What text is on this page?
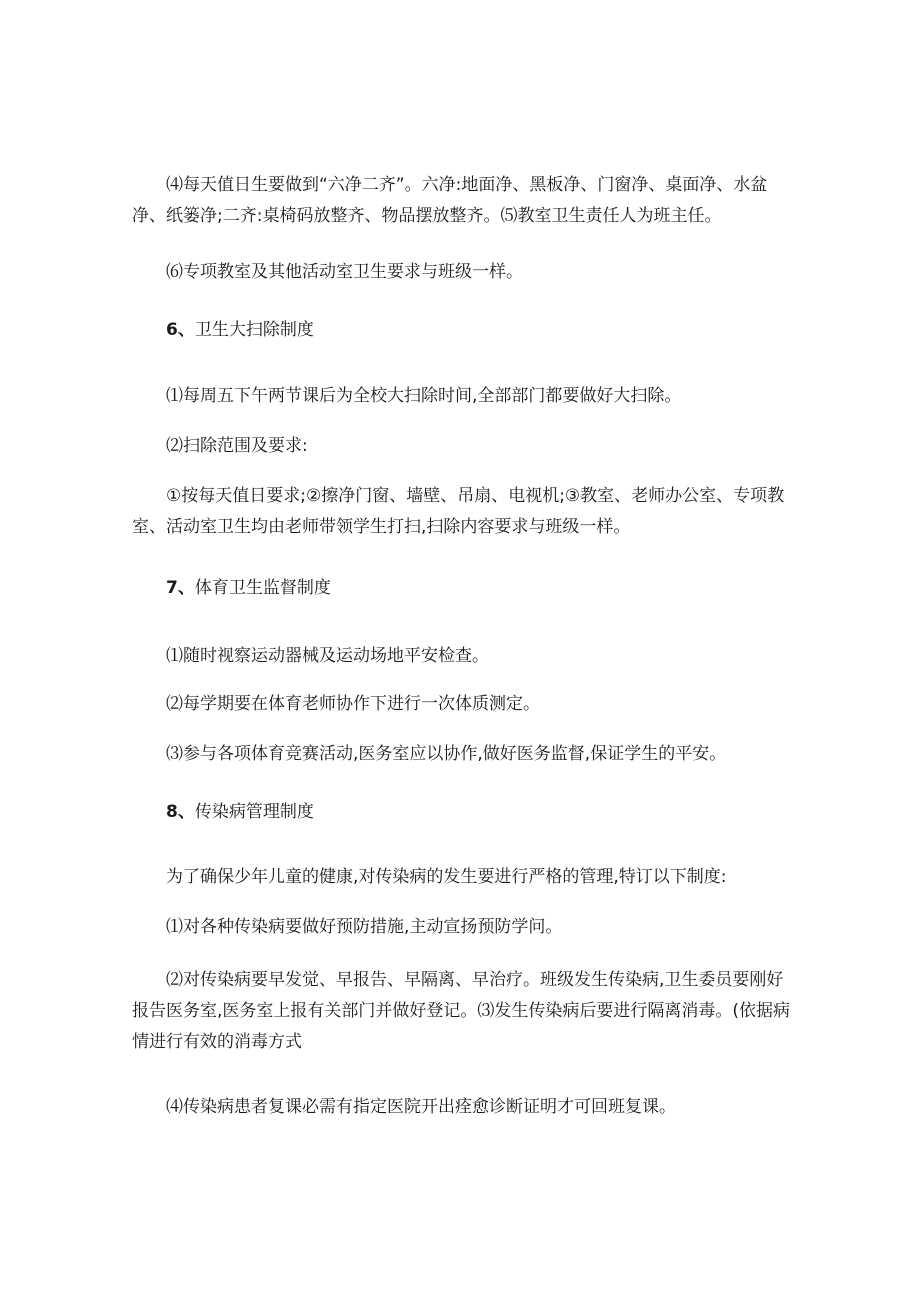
⑷每天值日生要做到“六净二齐”。六净:地面净、黑板净、门窗净、桌面净、水盆净、纸篓净;二齐:桌椅码放整齐、物品摆放整齐。⑸教室卫生责任人为班主任。

⑹专项教室及其他活动室卫生要求与班级一样。

6、卫生大扫除制度

⑴每周五下午两节课后为全校大扫除时间,全部部门都要做好大扫除。

⑵扫除范围及要求:

①按每天值日要求;②擦净门窗、墙壁、吊扇、电视机;③教室、老师办公室、专项教室、活动室卫生均由老师带领学生打扫,扫除内容要求与班级一样。

7、体育卫生监督制度

⑴随时视察运动器械及运动场地平安检查。

⑵每学期要在体育老师协作下进行一次体质测定。

⑶参与各项体育竞赛活动,医务室应以协作,做好医务监督,保证学生的平安。

8、传染病管理制度

为了确保少年儿童的健康,对传染病的发生要进行严格的管理,特订以下制度:

⑴对各种传染病要做好预防措施,主动宣扬预防学问。

⑵对传染病要早发觉、早报告、早隔离、早治疗。班级发生传染病,卫生委员要刚好报告医务室,医务室上报有关部门并做好登记。⑶发生传染病后要进行隔离消毒。(依据病情进行有效的消毒方式

⑷传染病患者复课必需有指定医院开出痊愈诊断证明才可回班复课。
